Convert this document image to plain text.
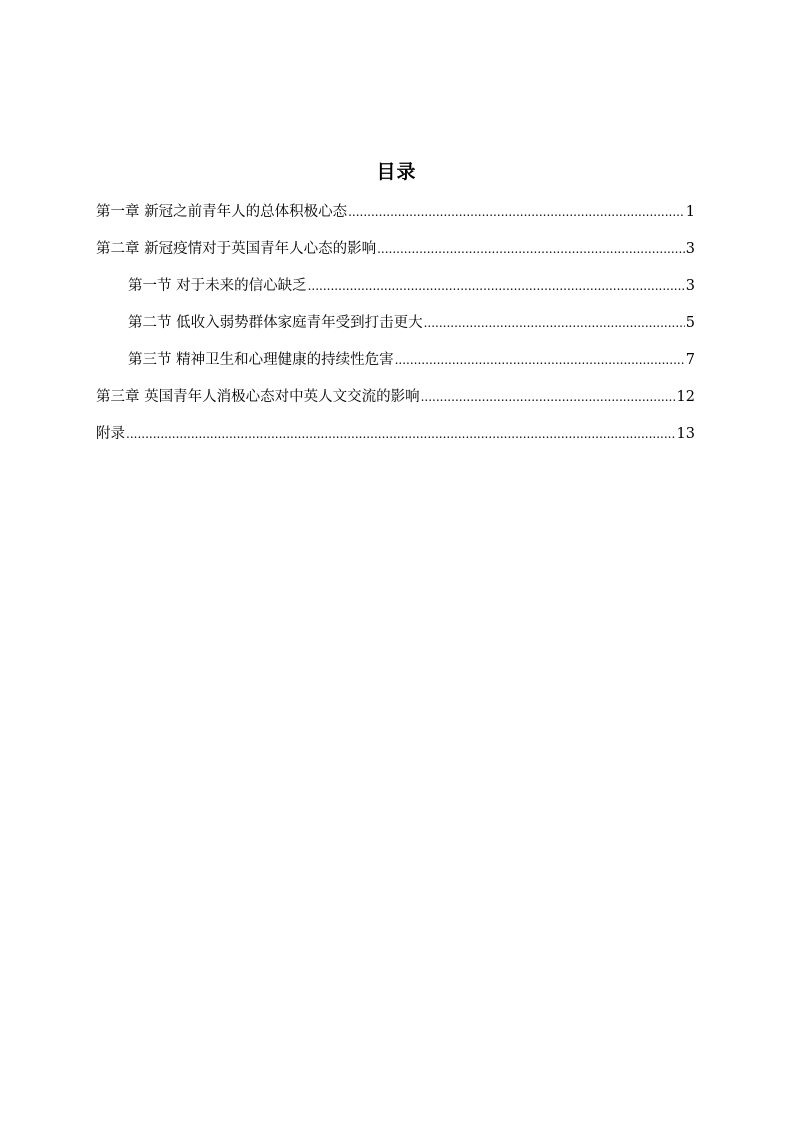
目录
第一章 新冠之前青年人的总体积极心态 .....	1
第二章 新冠疫情对于英国青年人心态的影响 .....	3
第一节 对于未来的信心缺乏 .....	3
第二节 低收入弱势群体家庭青年受到打击更大 .....	5
第三节 精神卫生和心理健康的持续性危害 .....	7
第三章 英国青年人消极心态对中英人文交流的影响 .....	12
附录 .....	13
